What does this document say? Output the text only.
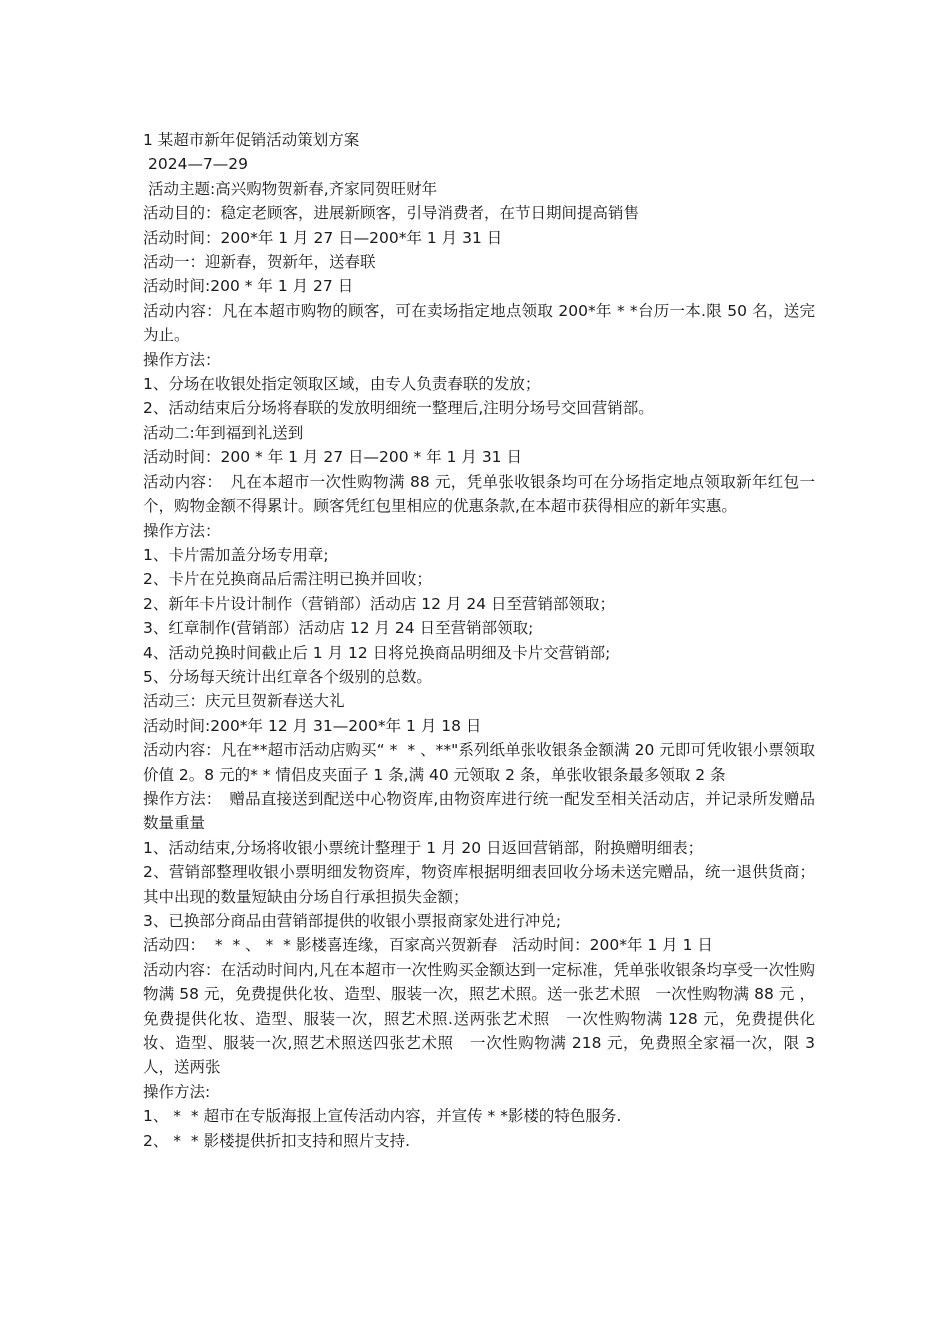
1 某超市新年促销活动策划方案
2024—7—29
活动主题:高兴购物贺新春,齐家同贺旺财年
活动目的：稳定老顾客，进展新顾客，引导消费者，在节日期间提高销售
活动时间：200*年 1 月 27 日—200*年 1 月 31 日
活动一：迎新春，贺新年，送春联
活动时间:200 * 年 1 月 27 日
活动内容：凡在本超市购物的顾客，可在卖场指定地点领取 200*年 * *台历一本.限 50 名，送完为止。
操作方法：
1、分场在收银处指定领取区域，由专人负责春联的发放；
2、活动结束后分场将春联的发放明细统一整理后,注明分场号交回营销部。
活动二:年到福到礼送到
活动时间：200 * 年 1 月 27 日—200 * 年 1 月 31 日
活动内容：　凡在本超市一次性购物满 88 元，凭单张收银条均可在分场指定地点领取新年红包一个，购物金额不得累计。顾客凭红包里相应的优惠条款,在本超市获得相应的新年实惠。
操作方法：
1、卡片需加盖分场专用章;
2、卡片在兑换商品后需注明已换并回收；
2、新年卡片设计制作（营销部）活动店 12 月 24 日至营销部领取；
3、红章制作(营销部）活动店 12 月 24 日至营销部领取;
4、活动兑换时间截止后 1 月 12 日将兑换商品明细及卡片交营销部;
5、分场每天统计出红章各个级别的总数。
活动三：庆元旦贺新春送大礼
活动时间:200*年 12 月 31—200*年 1 月 18 日
活动内容：凡在**超市活动店购买“ *  * 、**"系列纸单张收银条金额满 20 元即可凭收银小票领取价值 2。8 元的* * 情侣皮夹面子 1 条,满 40 元领取 2 条，单张收银条最多领取 2 条
操作方法：　赠品直接送到配送中心物资库,由物资库进行统一配发至相关活动店，并记录所发赠品数量重量
1、活动结束,分场将收银小票统计整理于 1 月 20 日返回营销部，附换赠明细表；
2、营销部整理收银小票明细发物资库，物资库根据明细表回收分场未送完赠品，统一退供货商；其中出现的数量短缺由分场自行承担损失金额；
3、已换部分商品由营销部提供的收银小票报商家处进行冲兑;
活动四：  *  * 、 *  * 影楼喜连缘，百家高兴贺新春   活动时间：200*年 1 月 1 日
活动内容：在活动时间内,凡在本超市一次性购买金额达到一定标准，凭单张收银条均享受一次性购物满 58 元，免费提供化妆、造型、服装一次，照艺术照。送一张艺术照   一次性购物满 88 元 ，免费提供化妆、造型、服装一次，照艺术照.送两张艺术照   一次性购物满 128 元，免费提供化妆、造型、服装一次,照艺术照送四张艺术照   一次性购物满 218 元，免费照全家福一次，限 3 人，送两张
操作方法:
1、 *  * 超市在专版海报上宣传活动内容，并宣传 * *影楼的特色服务.
2、 *  * 影楼提供折扣支持和照片支持.
